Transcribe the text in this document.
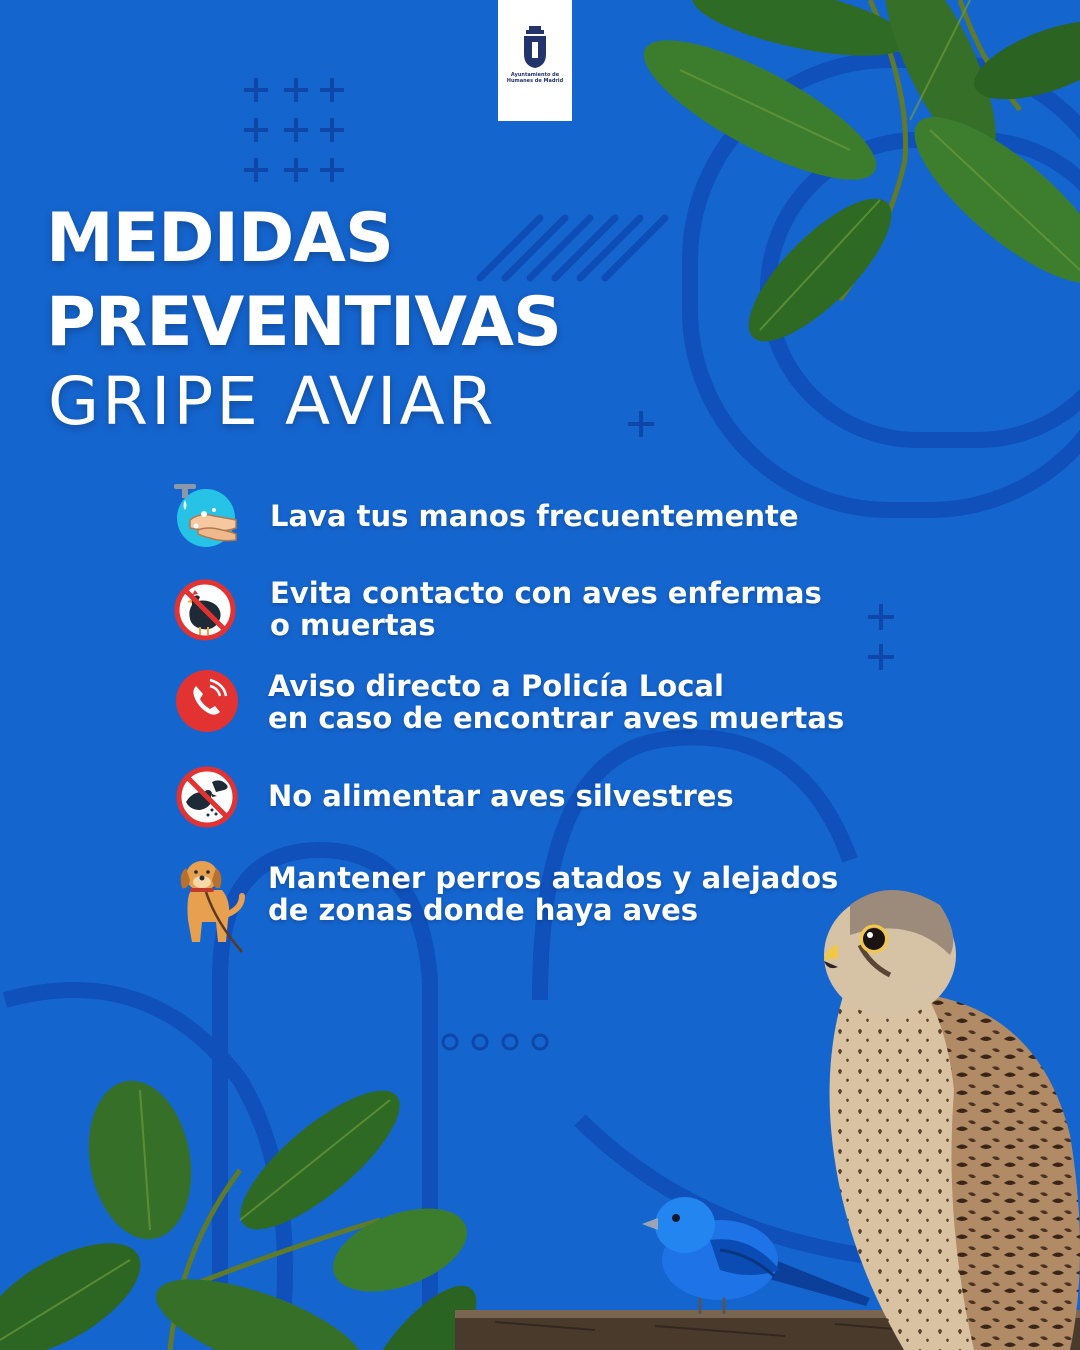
Ayuntamiento de Humanes de Madrid
MEDIDAS
PREVENTIVAS
GRIPE AVIAR
Lava tus manos frecuentemente
Evita contacto con aves enfermas
o muertas
Aviso directo a Policía Local
en caso de encontrar aves muertas
No alimentar aves silvestres
Mantener perros atados y alejados
de zonas donde haya aves
